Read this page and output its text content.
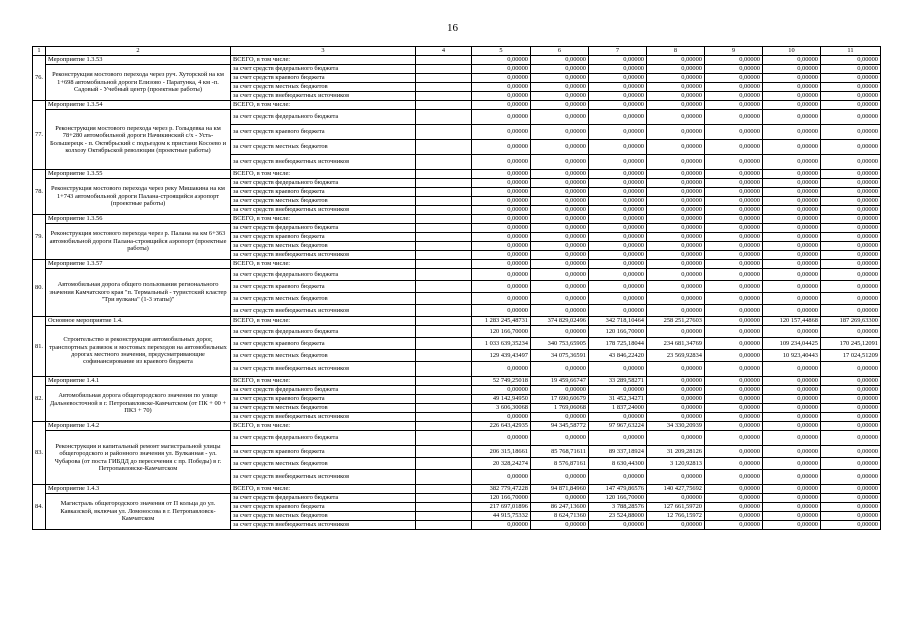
16
1	2	3	4	5	6	7	8	9	10	11
76.	Мероприятие 1.3.53	ВСЕГО, в том числе:		0,00000	0,00000	0,00000	0,00000	0,00000	0,00000	0,00000
	Реконструкция мостового перехода через руч. Хуторской на км 1+698 автомобильной дороги Елизово - Паратунка, 4 км -п. Садовый - Учебный центр (проектные работы)	за счет средств федерального бюджета		0,00000	0,00000	0,00000	0,00000	0,00000	0,00000	0,00000
		за счет средств краевого бюджета		0,00000	0,00000	0,00000	0,00000	0,00000	0,00000	0,00000
		за счет средств местных бюджетов		0,00000	0,00000	0,00000	0,00000	0,00000	0,00000	0,00000
		за счет средств внебюджетных источников		0,00000	0,00000	0,00000	0,00000	0,00000	0,00000	0,00000
77.	Мероприятие 1.3.54	ВСЕГО, в том числе:		0,00000	0,00000	0,00000	0,00000	0,00000	0,00000	0,00000
	Реконструкция мостового перехода через р. Голыдевка на км 78+280 автомобильной дороги Начикинский с/х - Усть-Большерецк - п. Октябрьский с подъездом к пристани Косоево и колхозу Октябрьской революции (проектные работы)	за счет средств федерального бюджета		0,00000	0,00000	0,00000	0,00000	0,00000	0,00000	0,00000
		за счет средств краевого бюджета		0,00000	0,00000	0,00000	0,00000	0,00000	0,00000	0,00000
		за счет средств местных бюджетов		0,00000	0,00000	0,00000	0,00000	0,00000	0,00000	0,00000
		за счет средств внебюджетных источников		0,00000	0,00000	0,00000	0,00000	0,00000	0,00000	0,00000
78.	Мероприятие 1.3.55	ВСЕГО, в том числе:		0,00000	0,00000	0,00000	0,00000	0,00000	0,00000	0,00000
	Реконструкция мостового перехода через реку Мишакина на км 1+743 автомобильной дороги Палана-строящийся аэропорт (проектные работы)	за счет средств федерального бюджета		0,00000	0,00000	0,00000	0,00000	0,00000	0,00000	0,00000
		за счет средств краевого бюджета		0,00000	0,00000	0,00000	0,00000	0,00000	0,00000	0,00000
		за счет средств местных бюджетов		0,00000	0,00000	0,00000	0,00000	0,00000	0,00000	0,00000
		за счет средств внебюджетных источников		0,00000	0,00000	0,00000	0,00000	0,00000	0,00000	0,00000
79.	Мероприятие 1.3.56	ВСЕГО, в том числе:		0,00000	0,00000	0,00000	0,00000	0,00000	0,00000	0,00000
	Реконструкция мостового перехода через р. Палана на км 6+363 автомобильной дороги Палана-строящийся аэропорт (проектные работы)	за счет средств федерального бюджета		0,00000	0,00000	0,00000	0,00000	0,00000	0,00000	0,00000
		за счет средств краевого бюджета		0,00000	0,00000	0,00000	0,00000	0,00000	0,00000	0,00000
		за счет средств местных бюджетов		0,00000	0,00000	0,00000	0,00000	0,00000	0,00000	0,00000
		за счет средств внебюджетных источников		0,00000	0,00000	0,00000	0,00000	0,00000	0,00000	0,00000
80.	Мероприятие 1.3.57	ВСЕГО, в том числе:		0,00000	0,00000	0,00000	0,00000	0,00000	0,00000	0,00000
	Автомобильная дорога общего пользования регионального значения Камчатского края "п. Термальный - туристский кластер "Три вулкана" (1-3 этапы)"	за счет средств федерального бюджета		0,00000	0,00000	0,00000	0,00000	0,00000	0,00000	0,00000
		за счет средств краевого бюджета		0,00000	0,00000	0,00000	0,00000	0,00000	0,00000	0,00000
		за счет средств местных бюджетов		0,00000	0,00000	0,00000	0,00000	0,00000	0,00000	0,00000
		за счет средств внебюджетных источников		0,00000	0,00000	0,00000	0,00000	0,00000	0,00000	0,00000
81.	Основное мероприятие 1.4.	ВСЕГО, в том числе:		1 283 245,48731	374 829,02496	342 718,10464	258 251,27603	0,00000	120 157,44868	187 269,63300
	Строительство и реконструкция автомобильных дорог, транспортных развязок и мостовых переходов на автомобильных дорогах местного значения, предусматривающие софинансирование из краевого бюджета	за счет средств федерального бюджета		120 166,70000	0,00000	120 166,70000	0,00000	0,00000	0,00000	0,00000
		за счет средств краевого бюджета		1 033 639,35234	340 753,65905	178 725,18044	234 681,34769	0,00000	109 234,04425	170 245,12091
		за счет средств местных бюджетов		129 439,43497	34 075,36591	43 846,22420	23 569,92834	0,00000	10 923,40443	17 024,51209
		за счет средств внебюджетных источников		0,00000	0,00000	0,00000	0,00000	0,00000	0,00000	0,00000
82.	Мероприятие 1.4.1	ВСЕГО, в том числе:		52 749,25018	19 459,66747	33 289,58271	0,00000	0,00000	0,00000	0,00000
	Автомобильная дорога общегородского значения по улице Дальневосточной в г. Петропавловске-Камчатском (от ПК + 00 + ПК3 + 70)	за счет средств федерального бюджета		0,00000	0,00000	0,00000	0,00000	0,00000	0,00000	0,00000
		за счет средств краевого бюджета		49 142,94950	17 690,60679	31 452,34271	0,00000	0,00000	0,00000	0,00000
		за счет средств местных бюджетов		3 606,30068	1 769,06068	1 837,24000	0,00000	0,00000	0,00000	0,00000
		за счет средств внебюджетных источников		0,00000	0,00000	0,00000	0,00000	0,00000	0,00000	0,00000
83.	Мероприятие 1.4.2	ВСЕГО, в том числе:		226 643,42935	94 345,58772	97 967,63224	34 330,20939	0,00000	0,00000	0,00000
	Реконструкция и капитальный ремонт магистральной улицы общегородского и районного значения ул. Вулканная - ул. Чубарова (от поста ГИБДД до пересечения с пр. Победы) в г. Петропавловске-Камчатском	за счет средств федерального бюджета		0,00000	0,00000	0,00000	0,00000	0,00000	0,00000	0,00000
		за счет средств краевого бюджета		206 315,18661	85 768,71611	89 337,18924	31 209,28126	0,00000	0,00000	0,00000
		за счет средств местных бюджетов		20 328,24274	8 576,87161	8 630,44300	3 120,92813	0,00000	0,00000	0,00000
		за счет средств внебюджетных источников		0,00000	0,00000	0,00000	0,00000	0,00000	0,00000	0,00000
84.	Мероприятие 1.4.3	ВСЕГО, в том числе:		382 779,47228	94 871,84960	147 479,86576	140 427,75692	0,00000	0,00000	0,00000
	Магистраль общегородского значения от П кольца до ул. Кавказской, включая ул. Ломоносова в г. Петропавловск-Камчатском	за счет средств федерального бюджета		120 166,70000	0,00000	120 166,70000	0,00000	0,00000	0,00000	0,00000
		за счет средств краевого бюджета		217 697,01896	86 247,13600	3 788,28576	127 661,59720	0,00000	0,00000	0,00000
		за счет средств местных бюджетов		44 915,75332	8 624,71360	23 524,88000	12 766,15972	0,00000	0,00000	0,00000
		за счет средств внебюджетных источников		0,00000	0,00000	0,00000	0,00000	0,00000	0,00000	0,00000
